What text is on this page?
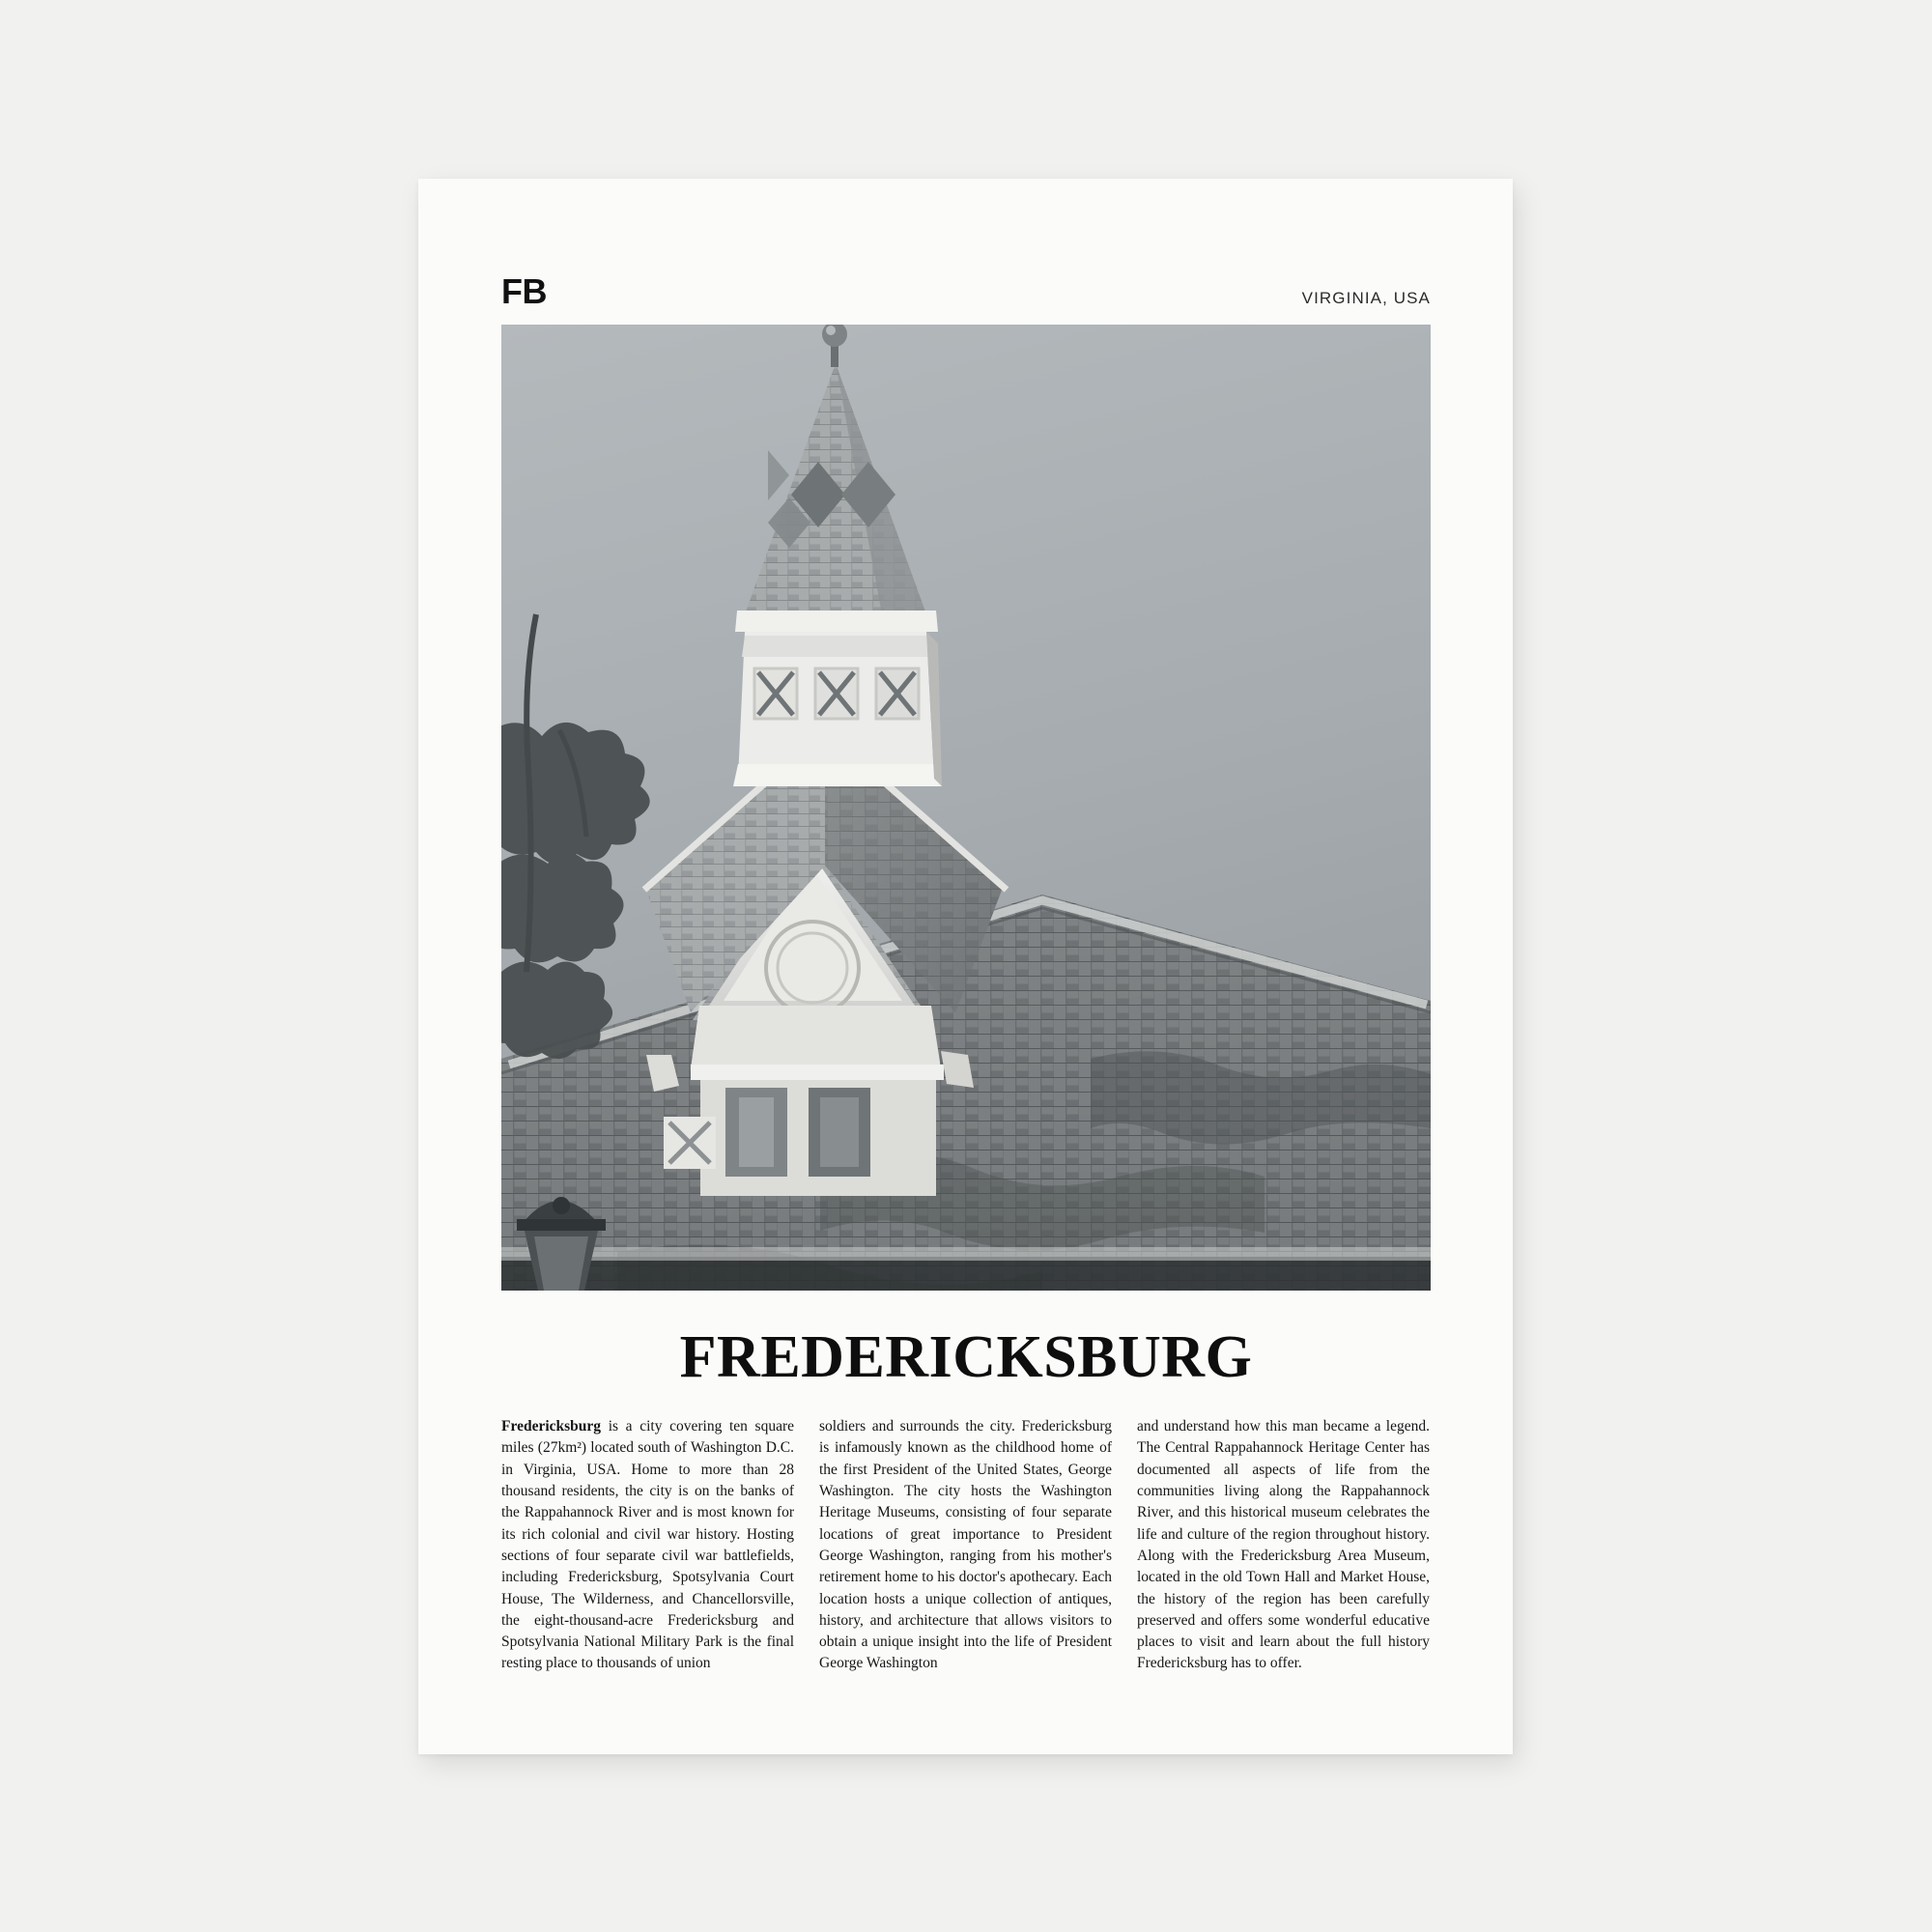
FB	VIRGINIA, USA
FREDERICKSBURG
Fredericksburg is a city covering ten square miles (27km²) located south of Washington D.C. in Virginia, USA. Home to more than 28 thousand residents, the city is on the banks of the Rappahannock River and is most known for its rich colonial and civil war history. Hosting sections of four separate civil war battlefields, including Fredericksburg, Spotsylvania Court House, The Wilderness, and Chancellorsville, the eight-thousand-acre Fredericksburg and Spotsylvania National Military Park is the final resting place to thousands of union
soldiers and surrounds the city. Fredericksburg is infamously known as the childhood home of the first President of the United States, George Washington. The city hosts the Washington Heritage Museums, consisting of four separate locations of great importance to President George Washington, ranging from his mother's retirement home to his doctor's apothecary. Each location hosts a unique collection of antiques, history, and architecture that allows visitors to obtain a unique insight into the life of President George Washington
and understand how this man became a legend. The Central Rappahannock Heritage Center has documented all aspects of life from the communities living along the Rappahannock River, and this historical museum celebrates the life and culture of the region throughout history. Along with the Fredericksburg Area Museum, located in the old Town Hall and Market House, the history of the region has been carefully preserved and offers some wonderful educative places to visit and learn about the full history Fredericksburg has to offer.
